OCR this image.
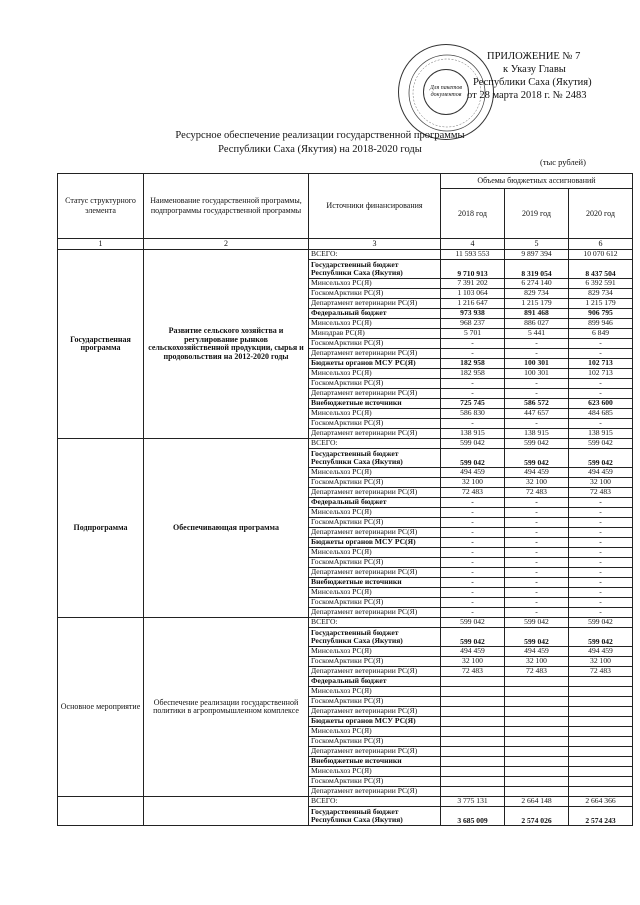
Для пакетов документов
ПРИЛОЖЕНИЕ № 7
к Указу Главы
Республики Саха (Якутия)
от 28 марта 2018 г. № 2483
Ресурсное обеспечение реализации государственной программы
Республики Саха (Якутия) на 2018-2020 годы
(тыс рублей)
Статус структурного элемента	Наименование государственной программы, подпрограммы государственной программы	Источники финансирования	Объемы бюджетных ассигнований		
			2018 год	2019 год	2020 год
1	2	3	4	5	6
Государственная программа	Развитие сельского хозяйства и регулирование рынков сельскохозяйственной продукции, сырья и продовольствия на 2012-2020 годы	ВСЕГО:	11 593 553	9 897 394	10 070 612
		Государственный бюджет Республики Саха (Якутия)	9 710 913	8 319 054	8 437 504
		Минсельхоз РС(Я)	7 391 202	6 274 140	6 392 591
		ГоскомАрктики РС(Я)	1 103 064	829 734	829 734
		Департамент ветеринарии РС(Я)	1 216 647	1 215 179	1 215 179
		Федеральный бюджет	973 938	891 468	906 795
		Минсельхоз РС(Я)	968 237	886 027	899 946
		Минздрав РС(Я)	5 701	5 441	6 849
		ГоскомАрктики РС(Я)	-	-	-
		Департамент ветеринарии РС(Я)	-	-	-
		Бюджеты органов МСУ РС(Я)	182 958	100 301	102 713
		Минсельхоз РС(Я)	182 958	100 301	102 713
		ГоскомАрктики РС(Я)	-	-	-
		Департамент ветеринарии РС(Я)	-	-	-
		Внебюджетные источники	725 745	586 572	623 600
		Минсельхоз РС(Я)	586 830	447 657	484 685
		ГоскомАрктики РС(Я)	-	-	-
		Департамент ветеринарии РС(Я)	138 915	138 915	138 915
Подпрограмма	Обеспечивающая программа	ВСЕГО:	599 042	599 042	599 042
		Государственный бюджет Республики Саха (Якутия)	599 042	599 042	599 042
		Минсельхоз РС(Я)	494 459	494 459	494 459
		ГоскомАрктики РС(Я)	32 100	32 100	32 100
		Департамент ветеринарии РС(Я)	72 483	72 483	72 483
		Федеральный бюджет	-	-	-
		Минсельхоз РС(Я)	-	-	-
		ГоскомАрктики РС(Я)	-	-	-
		Департамент ветеринарии РС(Я)	-	-	-
		Бюджеты органов МСУ РС(Я)	-	-	-
		Минсельхоз РС(Я)	-	-	-
		ГоскомАрктики РС(Я)	-	-	-
		Департамент ветеринарии РС(Я)	-	-	-
		Внебюджетные источники	-	-	-
		Минсельхоз РС(Я)	-	-	-
		ГоскомАрктики РС(Я)	-	-	-
		Департамент ветеринарии РС(Я)	-	-	-
Основное мероприятие	Обеспечение реализации государственной политики в агропромышленном комплексе	ВСЕГО:	599 042	599 042	599 042
		Государственный бюджет Республики Саха (Якутия)	599 042	599 042	599 042
		Минсельхоз РС(Я)	494 459	494 459	494 459
		ГоскомАрктики РС(Я)	32 100	32 100	32 100
		Департамент ветеринарии РС(Я)	72 483	72 483	72 483
		Федеральный бюджет			
		Минсельхоз РС(Я)			
		ГоскомАрктики РС(Я)			
		Департамент ветеринарии РС(Я)			
		Бюджеты органов МСУ РС(Я)			
		Минсельхоз РС(Я)			
		ГоскомАрктики РС(Я)			
		Департамент ветеринарии РС(Я)			
		Внебюджетные источники			
		Минсельхоз РС(Я)			
		ГоскомАрктики РС(Я)			
		Департамент ветеринарии РС(Я)			
		ВСЕГО:	3 775 131	2 664 148	2 664 366
		Государственный бюджет Республики Саха (Якутия)	3 685 009	2 574 026	2 574 243
